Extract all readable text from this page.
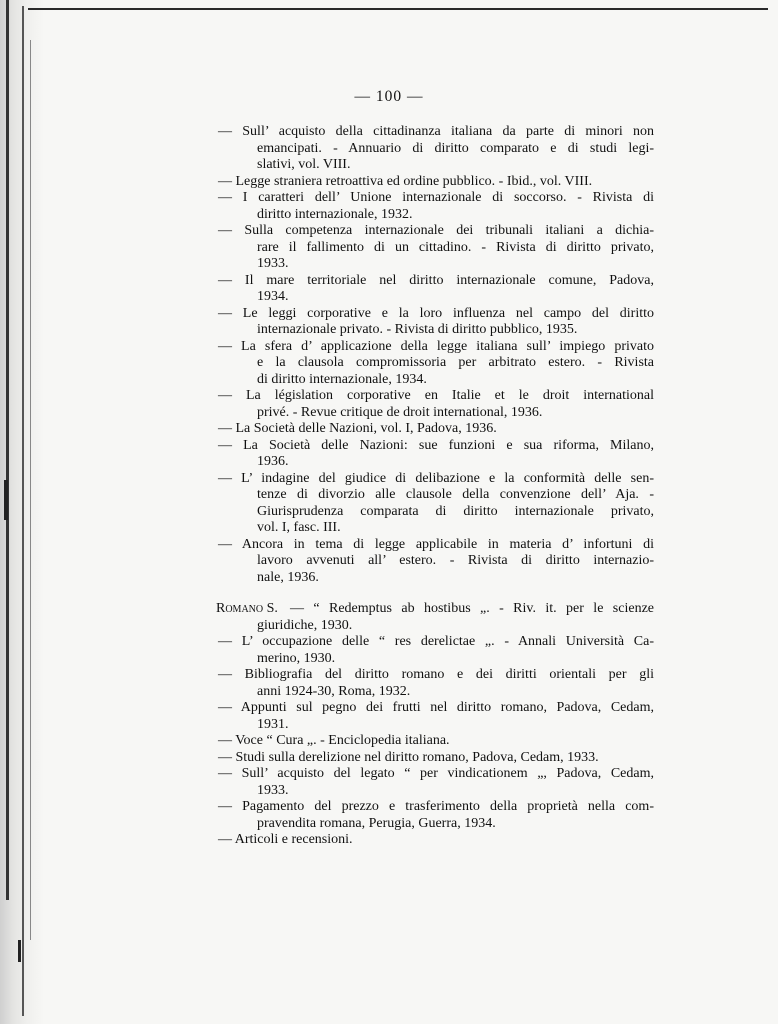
— 100 —
— Sull’ acquisto della cittadinanza italiana da parte di minori non
emancipati. - Annuario di diritto comparato e di studi legi-
slativi, vol. VIII.
— Legge straniera retroattiva ed ordine pubblico. - Ibid., vol. VIII.
— I caratteri dell’ Unione internazionale di soccorso. - Rivista di
diritto internazionale, 1932.
— Sulla competenza internazionale dei tribunali italiani a dichia-
rare il fallimento di un cittadino. - Rivista di diritto privato,
1933.
— Il mare territoriale nel diritto internazionale comune, Padova,
1934.
— Le leggi corporative e la loro influenza nel campo del diritto
internazionale privato. - Rivista di diritto pubblico, 1935.
— La sfera d’ applicazione della legge italiana sull’ impiego privato
e la clausola compromissoria per arbitrato estero. - Rivista
di diritto internazionale, 1934.
— La législation corporative en Italie et le droit international
privé. - Revue critique de droit international, 1936.
— La Società delle Nazioni, vol. I, Padova, 1936.
— La Società delle Nazioni: sue funzioni e sua riforma, Milano,
1936.
— L’ indagine del giudice di delibazione e la conformità delle sen-
tenze di divorzio alle clausole della convenzione dell’ Aja. -
Giurisprudenza comparata di diritto internazionale privato,
vol. I, fasc. III.
— Ancora in tema di legge applicabile in materia d’ infortuni di
lavoro avvenuti all’ estero. - Rivista di diritto internazio-
nale, 1936.
Romano S. — “ Redemptus ab hostibus „. - Riv. it. per le scienze
giuridiche, 1930.
— L’ occupazione delle “ res derelictae „. - Annali Università Ca-
merino, 1930.
— Bibliografia del diritto romano e dei diritti orientali per gli
anni 1924-30, Roma, 1932.
— Appunti sul pegno dei frutti nel diritto romano, Padova, Cedam,
1931.
— Voce “ Cura „. - Enciclopedia italiana.
— Studi sulla derelizione nel diritto romano, Padova, Cedam, 1933.
— Sull’ acquisto del legato “ per vindicationem „, Padova, Cedam,
1933.
— Pagamento del prezzo e trasferimento della proprietà nella com-
pravendita romana, Perugia, Guerra, 1934.
— Articoli e recensioni.
